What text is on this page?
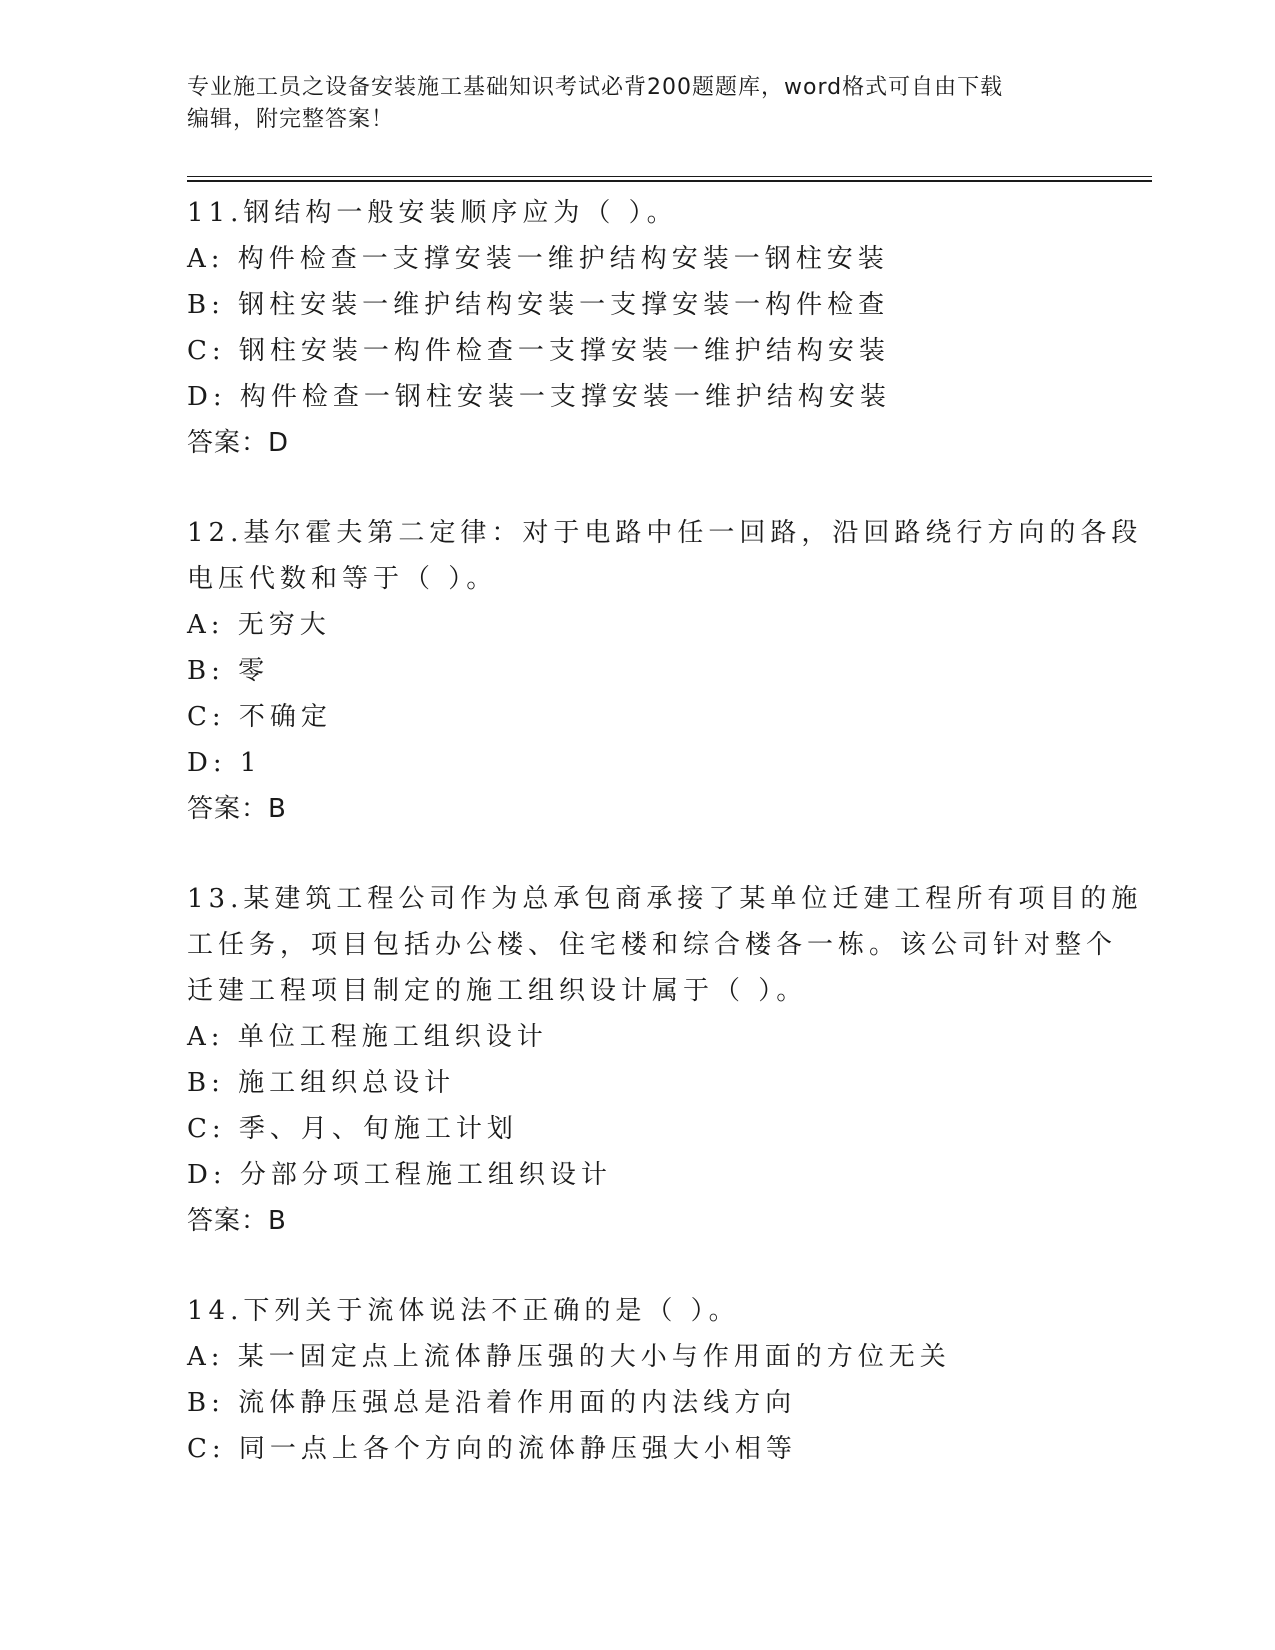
专业施工员之设备安装施工基础知识考试必背200题题库，word格式可自由下载
编辑，附完整答案！
11.钢结构一般安装顺序应为（ ）。
A: 构件检查一支撑安装一维护结构安装一钢柱安装
B: 钢柱安装一维护结构安装一支撑安装一构件检查
C: 钢柱安装一构件检查一支撑安装一维护结构安装
D: 构件检查一钢柱安装一支撑安装一维护结构安装
答案：D
12.基尔霍夫第二定律：对于电路中任一回路，沿回路绕行方向的各段
电压代数和等于（ ）。
A: 无穷大
B: 零
C: 不确定
D: 1
答案：B
13.某建筑工程公司作为总承包商承接了某单位迁建工程所有项目的施
工任务，项目包括办公楼、住宅楼和综合楼各一栋。该公司针对整个
迁建工程项目制定的施工组织设计属于（ ）。
A: 单位工程施工组织设计
B: 施工组织总设计
C: 季、月、旬施工计划
D: 分部分项工程施工组织设计
答案：B
14.下列关于流体说法不正确的是（ ）。
A: 某一固定点上流体静压强的大小与作用面的方位无关
B: 流体静压强总是沿着作用面的内法线方向
C: 同一点上各个方向的流体静压强大小相等
